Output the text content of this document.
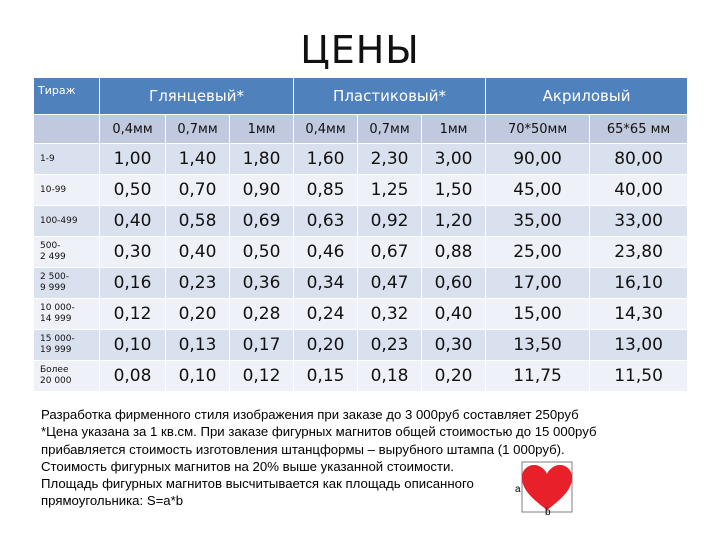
ЦЕНЫ
Тираж	Глянцевый*			Пластиковый*			Акриловый	
	0,4мм	0,7мм	1мм	0,4мм	0,7мм	1мм	70*50мм	65*65 мм
1-9	1,00	1,40	1,80	1,60	2,30	3,00	90,00	80,00
10-99	0,50	0,70	0,90	0,85	1,25	1,50	45,00	40,00
100-499	0,40	0,58	0,69	0,63	0,92	1,20	35,00	33,00
500-
2 499	0,30	0,40	0,50	0,46	0,67	0,88	25,00	23,80
2 500-
9 999	0,16	0,23	0,36	0,34	0,47	0,60	17,00	16,10
10 000-
14 999	0,12	0,20	0,28	0,24	0,32	0,40	15,00	14,30
15 000-
19 999	0,10	0,13	0,17	0,20	0,23	0,30	13,50	13,00
Более
20 000	0,08	0,10	0,12	0,15	0,18	0,20	11,75	11,50
Разработка фирменного стиля изображения при заказе до 3 000руб составляет 250руб
*Цена указана за 1 кв.см. При заказе фигурных магнитов общей стоимостью до 15 000руб
прибавляется стоимость изготовления штанцформы – вырубного штампа (1 000руб).
Стоимость фигурных магнитов на 20% выше указанной стоимости.
Площадь фигурных магнитов высчитывается как площадь описанного
прямоугольника: S=a*b
a
b
